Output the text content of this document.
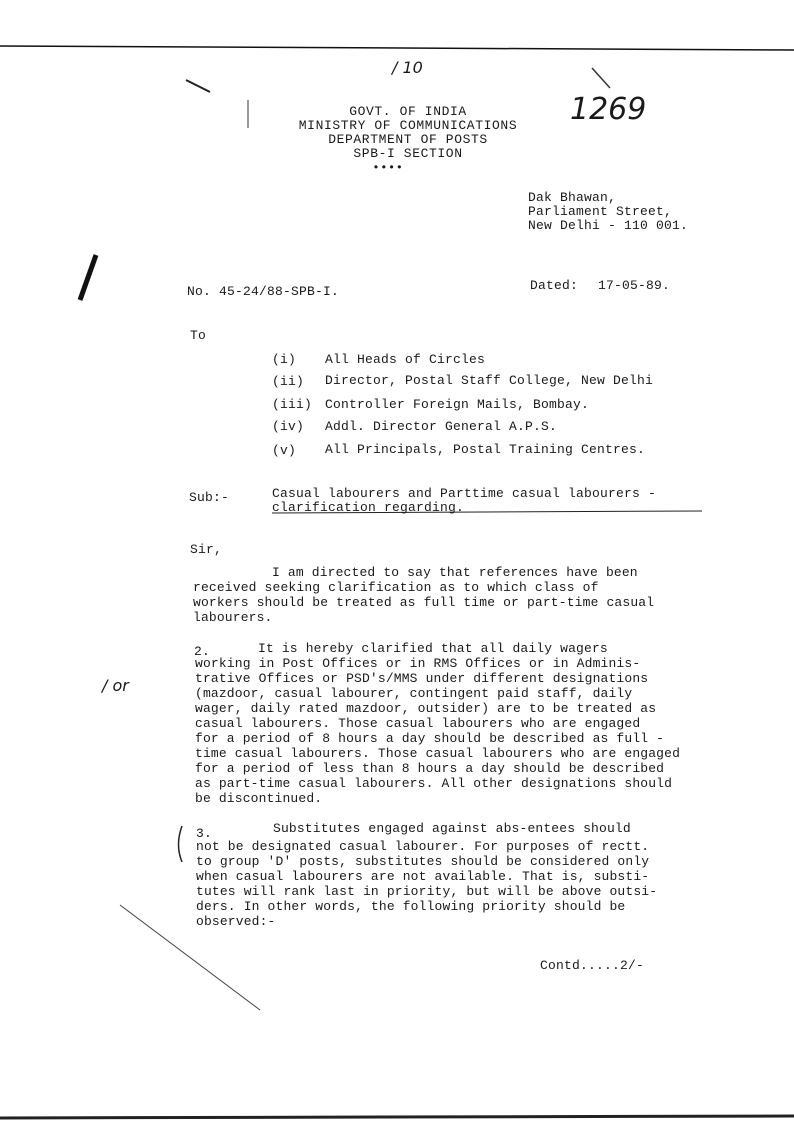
/ 10
1269
/ or
GOVT. OF INDIA
MINISTRY OF COMMUNICATIONS
DEPARTMENT OF POSTS
SPB-I SECTION
••••
Dak Bhawan,
Parliament Street,
New Delhi - 110 001.
No. 45-24/88-SPB-I.	Dated: 17-05-89.
To
(i) All Heads of Circles
(ii) Director, Postal Staff College, New Delhi
(iii) Controller Foreign Mails, Bombay.
(iv) Addl. Director General A.P.S.
(v) All Principals, Postal Training Centres.
Sub:-	Casual labourers and Parttime casual labourers -
clarification regarding.
Sir,
I am directed to say that references have been
received seeking clarification as to which class of
workers should be treated as full time or part-time casual
labourers.
2.	It is hereby clarified that all daily wagers
working in Post Offices or in RMS Offices or in Adminis-
trative Offices or PSD's/MMS under different designations
(mazdoor, casual labourer, contingent paid staff, daily
wager, daily rated mazdoor, outsider) are to be treated as
casual labourers. Those casual labourers who are engaged
for a period of 8 hours a day should be described as full -
time casual labourers. Those casual labourers who are engaged
for a period of less than 8 hours a day should be described
as part-time casual labourers. All other designations should
be discontinued.
3.	Substitutes engaged against abs-entees should
not be designated casual labourer. For purposes of rectt.
to group 'D' posts, substitutes should be considered only
when casual labourers are not available. That is, substi-
tutes will rank last in priority, but will be above outsi-
ders. In other words, the following priority should be
observed:-
Contd.....2/-
